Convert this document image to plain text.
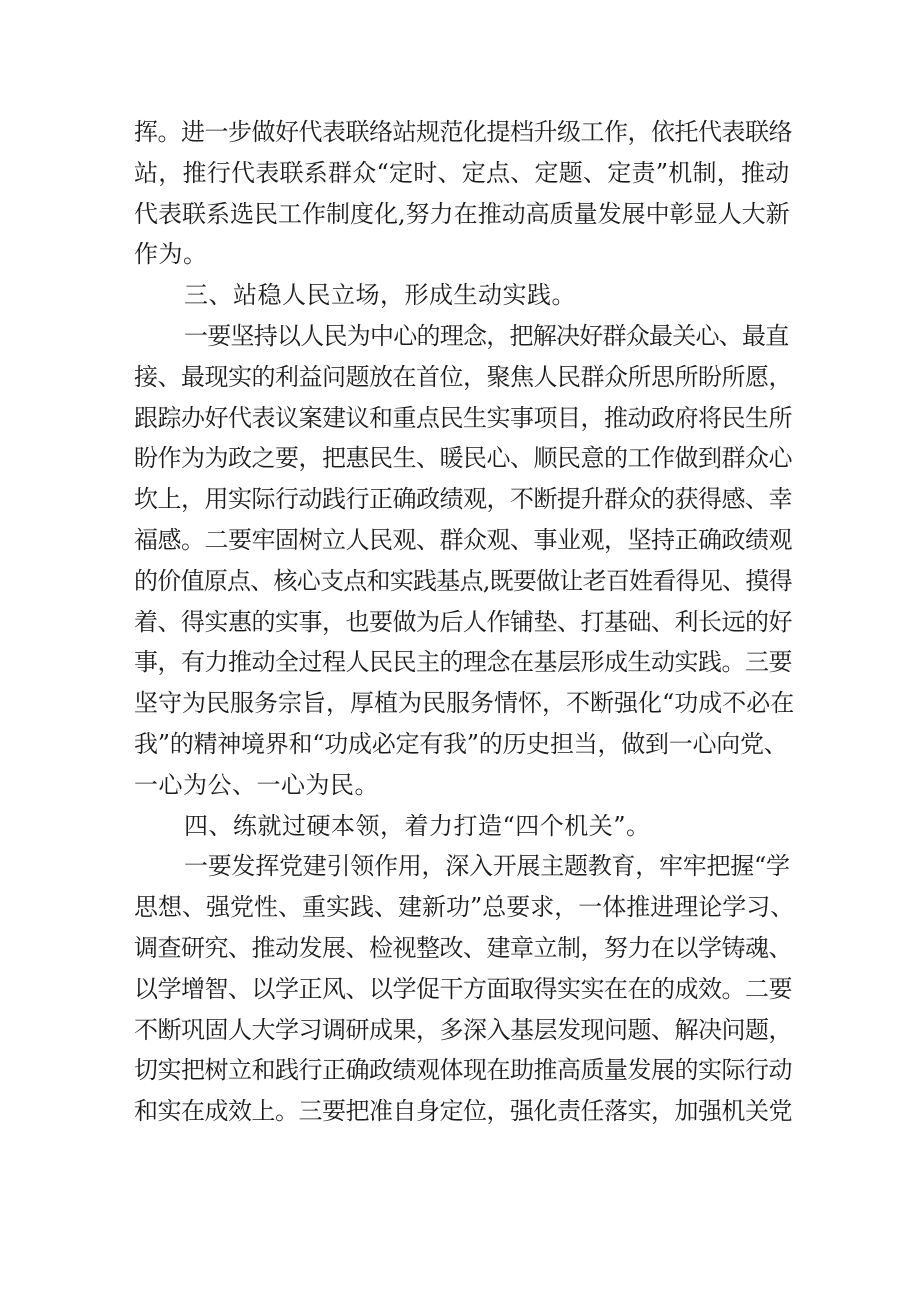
挥。进一步做好代表联络站规范化提档升级工作，依托代表联络
站，推行代表联系群众“定时、定点、定题、定责”机制，推动
代表联系选民工作制度化,努力在推动高质量发展中彰显人大新
作为。
三、站稳人民立场，形成生动实践。
一要坚持以人民为中心的理念，把解决好群众最关心、最直
接、最现实的利益问题放在首位，聚焦人民群众所思所盼所愿，
跟踪办好代表议案建议和重点民生实事项目，推动政府将民生所
盼作为为政之要，把惠民生、暖民心、顺民意的工作做到群众心
坎上，用实际行动践行正确政绩观，不断提升群众的获得感、幸
福感。二要牢固树立人民观、群众观、事业观，坚持正确政绩观
的价值原点、核心支点和实践基点,既要做让老百姓看得见、摸得
着、得实惠的实事，也要做为后人作铺垫、打基础、利长远的好
事，有力推动全过程人民民主的理念在基层形成生动实践。三要
坚守为民服务宗旨，厚植为民服务情怀，不断强化“功成不必在
我”的精神境界和“功成必定有我”的历史担当，做到一心向党、
一心为公、一心为民。
四、练就过硬本领，着力打造“四个机关”。
一要发挥党建引领作用，深入开展主题教育，牢牢把握“学
思想、强党性、重实践、建新功”总要求，一体推进理论学习、
调查研究、推动发展、检视整改、建章立制，努力在以学铸魂、
以学增智、以学正风、以学促干方面取得实实在在的成效。二要
不断巩固人大学习调研成果，多深入基层发现问题、解决问题，
切实把树立和践行正确政绩观体现在助推高质量发展的实际行动
和实在成效上。三要把准自身定位，强化责任落实，加强机关党
